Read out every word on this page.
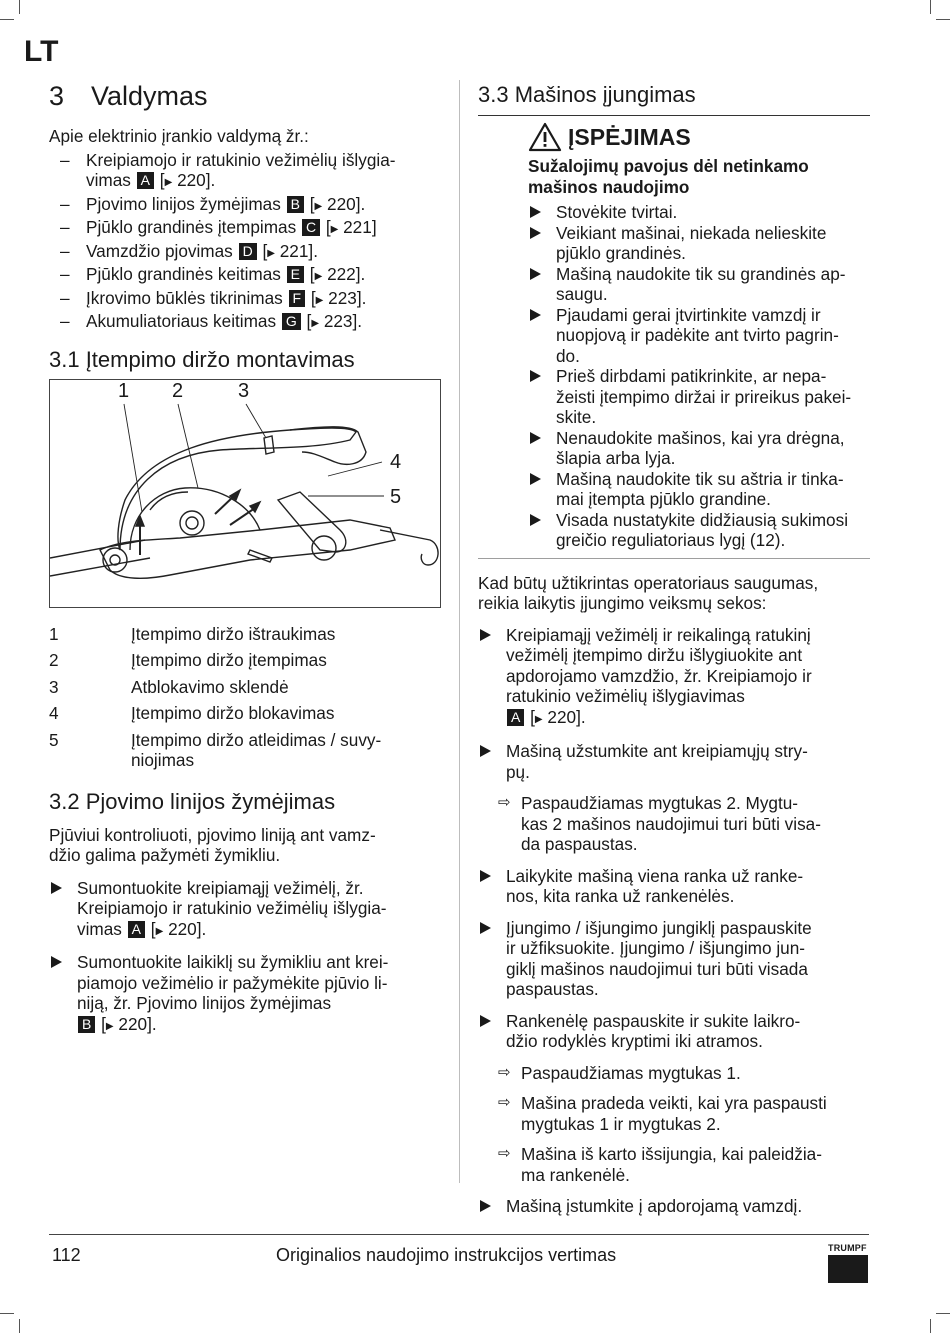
LT
3 Valdymas

Apie elektrinio įrankio valdymą žr.:

– Kreipiamojo ir ratukinio vežimėlių išlygia-
vimas A [▶ 220].
– Pjovimo linijos žymėjimas B [▶ 220].
– Pjūklo grandinės įtempimas C [▶ 221]
– Vamzdžio pjovimas D [▶ 221].
– Pjūklo grandinės keitimas E [▶ 222].
– Įkrovimo būklės tikrinimas F [▶ 223].
– Akumuliatoriaus keitimas G [▶ 223].
3.1 Įtempimo diržo montavimas
1 2	3
4
5
1	Įtempimo diržo ištraukimas
2	Įtempimo diržo įtempimas
3	Atblokavimo sklendė
4	Įtempimo diržo blokavimas
5	Įtempimo diržo atleidimas / suvy-
niojimas
3.2 Pjovimo linijos žymėjimas

Pjūviui kontroliuoti, pjovimo liniją ant vamz-
džio galima pažymėti žymikliu.

Sumontuokite kreipiamąjį vežimėlį, žr.
Kreipiamojo ir ratukinio vežimėlių išlygia-
vimas A [▶ 220].
Sumontuokite laikiklį su žymikliu ant krei-
piamojo vežimėlio ir pažymėkite pjūvio li-
niją, žr. Pjovimo linijos žymėjimas
B [▶ 220].
3.3 Mašinos įjungimas
ĮSPĖJIMAS
Sužalojimų pavojus dėl netinkamo
mašinos naudojimo
Stovėkite tvirtai.
Veikiant mašinai, niekada nelieskite
pjūklo grandinės.
Mašiną naudokite tik su grandinės ap-
saugu.
Pjaudami gerai įtvirtinkite vamzdį ir
nuopjovą ir padėkite ant tvirto pagrin-
do.
Prieš dirbdami patikrinkite, ar nepa-
žeisti įtempimo diržai ir prireikus pakei-
skite.
Nenaudokite mašinos, kai yra drėgna,
šlapia arba lyja.
Mašiną naudokite tik su aštria ir tinka-
mai įtempta pjūklo grandine.
Visada nustatykite didžiausią sukimosi
greičio reguliatoriaus lygį (12).

Kad būtų užtikrintas operatoriaus saugumas,
reikia laikytis įjungimo veiksmų sekos:

Kreipiamąjį vežimėlį ir reikalingą ratukinį
vežimėlį įtempimo diržu išlygiuokite ant
apdorojamo vamzdžio, žr. Kreipiamojo ir
ratukinio vežimėlių išlygiavimas
A [▶ 220].
Mašiną užstumkite ant kreipiamųjų stry-
pų.
⇨ Paspaudžiamas mygtukas 2. Mygtu-
kas 2 mašinos naudojimui turi būti visa-
da paspaustas.
Laikykite mašiną viena ranka už ranke-
nos, kita ranka už rankenėlės.
Įjungimo / išjungimo jungiklį paspauskite
ir užfiksuokite. Įjungimo / išjungimo jun-
giklį mašinos naudojimui turi būti visada
paspaustas.
Rankenėlę paspauskite ir sukite laikro-
džio rodyklės kryptimi iki atramos.
⇨ Paspaudžiamas mygtukas 1.
⇨ Mašina pradeda veikti, kai yra paspausti
mygtukas 1 ir mygtukas 2.
⇨ Mašina iš karto išsijungia, kai paleidžia-
ma rankenėlė.
Mašiną įstumkite į apdorojamą vamzdį.
112	Originalios naudojimo instrukcijos vertimas	TRUMPF
